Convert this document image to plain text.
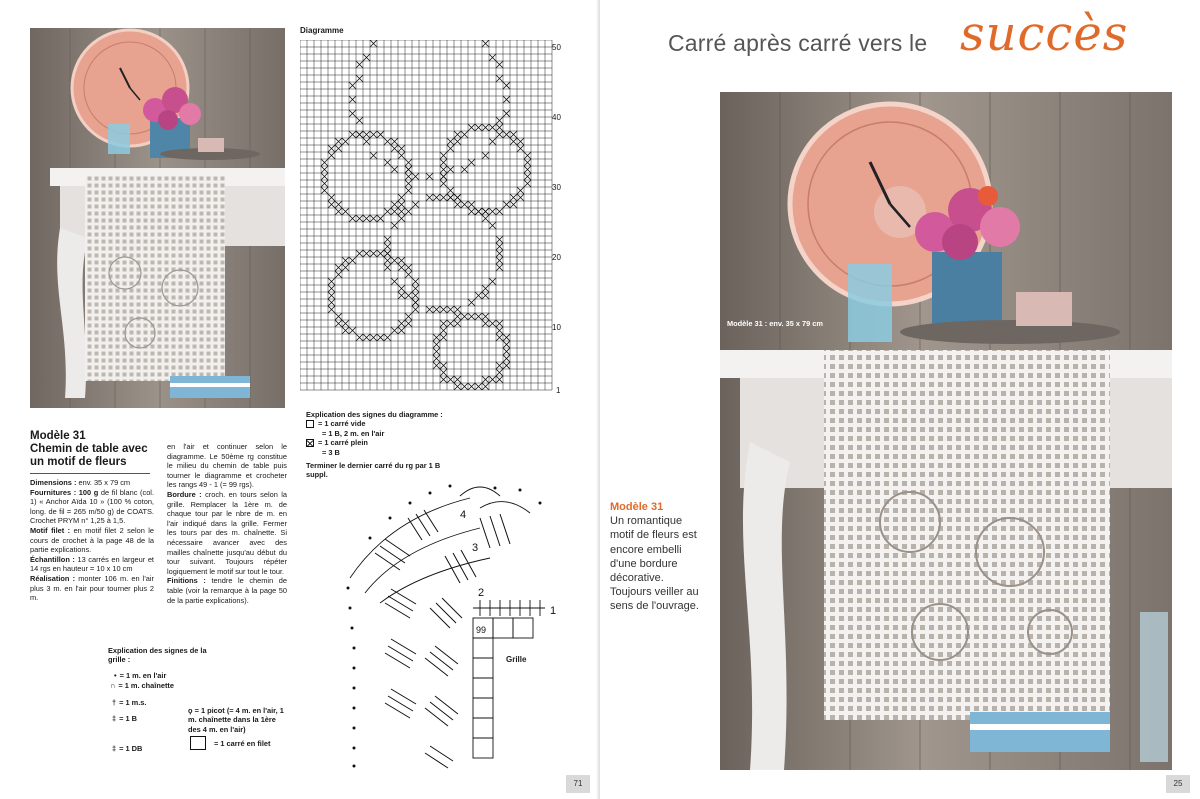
Diagramme
50
40
30
20
10
1
Modèle 31
Chemin de table avec un motif de fleurs
Dimensions : env. 35 x 79 cm
Fournitures : 100 g de fil blanc (col. 1) « Anchor Aïda 10 » (100 % coton, long. de fil = 265 m/50 g) de COATS. Crochet PRYM n° 1,25 à 1,5.
Motif filet : en motif filet 2 selon le cours de crochet à la page 48 de la partie explications.
Échantillon : 13 carrés en largeur et 14 rgs en hauteur = 10 x 10 cm
Réalisation : monter 106 m. en l'air plus 3 m. en l'air pour tourner plus 2 m.
en l'air et continuer selon le diagramme. Le 50ème rg constitue le milieu du chemin de table puis tourner le diagramme et crocheter les rangs 49 - 1 (= 99 rgs).
Bordure : croch. en tours selon la grille. Remplacer la 1ère m. de chaque tour par le nbre de m. en l'air indiqué dans la grille. Fermer les tours par des m. chaînette. Si nécessaire avancer avec des mailles chaînette jusqu'au début du tour suivant. Toujours répéter logiquement le motif sur tout le tour.
Finitions : tendre le chemin de table (voir la remarque à la page 50 de la partie explications).
Explication des signes du diagramme :
= 1 carré vide
= 1 B, 2 m. en l'air
= 1 carré plein
= 3 B
Terminer le dernier carré du rg par 1 B suppl.
1
2
3
4
99
Grille
Explication des signes de la grille :
• = 1 m. en l'air
∩ = 1 m. chaînette
† = 1 m.s.
‡ = 1 B
‡ = 1 DB
ϙ = 1 picot (= 4 m. en l'air, 1 m. chaînette dans la 1ère des 4 m. en l'air)
= 1 carré en filet
71	25
Carré après carré vers le succès
Modèle 31 : env. 35 x 79 cm
Modèle 31
Un romantique motif de fleurs est encore embelli d'une bordure décorative. Toujours veiller au sens de l'ouvrage.
